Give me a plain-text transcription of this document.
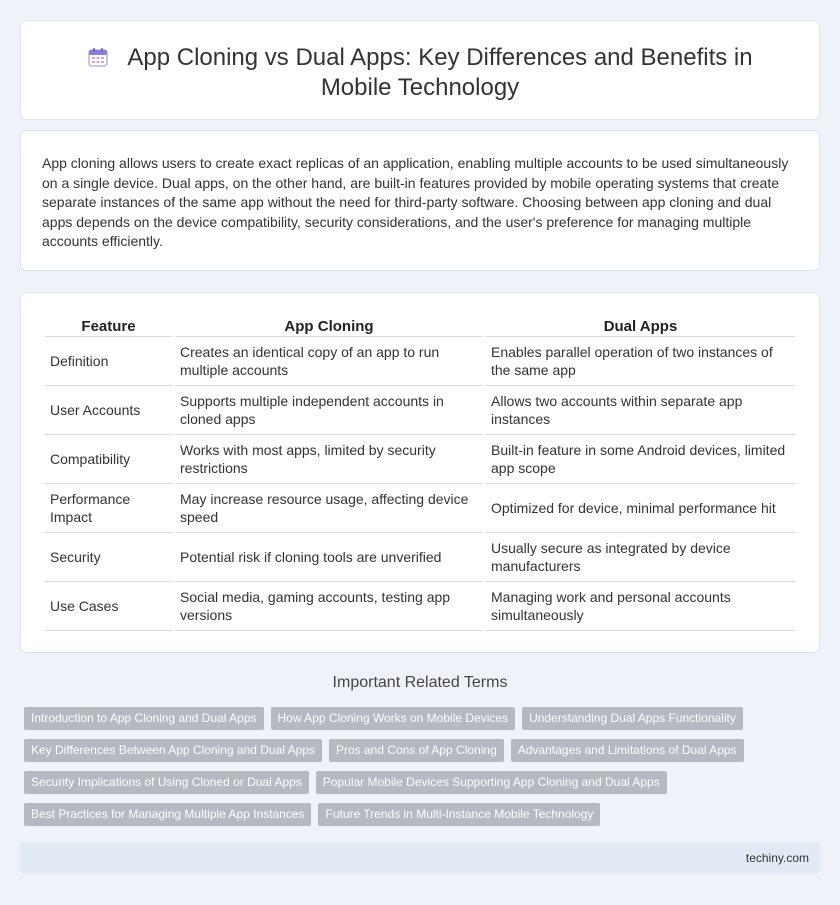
App Cloning vs Dual Apps: Key Differences and Benefits in Mobile Technology

App cloning allows users to create exact replicas of an application, enabling multiple accounts to be used simultaneously on a single device. Dual apps, on the other hand, are built-in features provided by mobile operating systems that create separate instances of the same app without the need for third-party software. Choosing between app cloning and dual apps depends on the device compatibility, security considerations, and the user's preference for managing multiple accounts efficiently.

Feature	App Cloning	Dual Apps
Definition	Creates an identical copy of an app to run multiple accounts	Enables parallel operation of two instances of the same app
User Accounts	Supports multiple independent accounts in cloned apps	Allows two accounts within separate app instances
Compatibility	Works with most apps, limited by security restrictions	Built-in feature in some Android devices, limited app scope
Performance Impact	May increase resource usage, affecting device speed	Optimized for device, minimal performance hit
Security	Potential risk if cloning tools are unverified	Usually secure as integrated by device manufacturers
Use Cases	Social media, gaming accounts, testing app versions	Managing work and personal accounts simultaneously
Important Related Terms
Introduction to App Cloning and Dual Apps	How App Cloning Works on Mobile Devices	Understanding Dual Apps Functionality
Key Differences Between App Cloning and Dual Apps	Pros and Cons of App Cloning	Advantages and Limitations of Dual Apps
Security Implications of Using Cloned or Dual Apps	Popular Mobile Devices Supporting App Cloning and Dual Apps
Best Practices for Managing Multiple App Instances	Future Trends in Multi-Instance Mobile Technology
techiny.com
